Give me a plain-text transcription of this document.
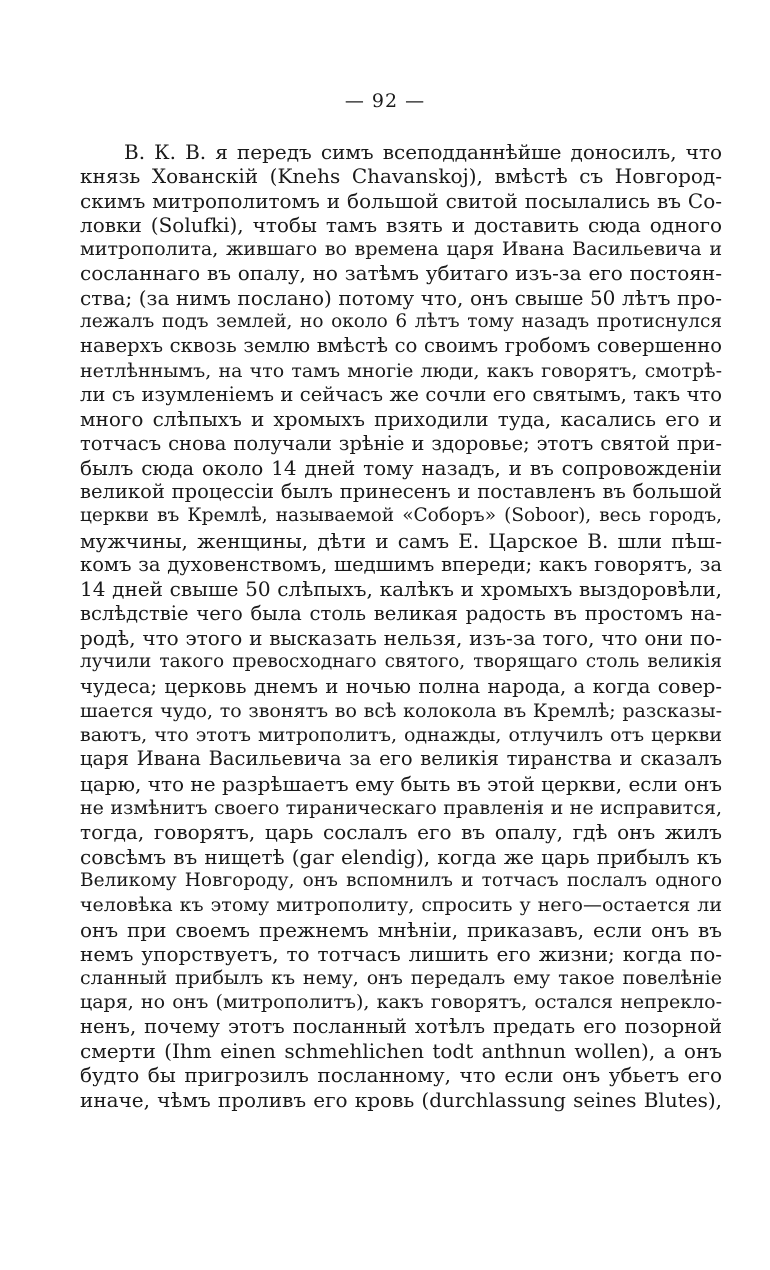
— 92 —
В. К. В. я передъ симъ всеподданнѣйше доносилъ, что
князь Хованскій (Knehs Chavanskoj), вмѣстѣ съ Новгород-
скимъ митрополитомъ и большой свитой посылались въ Со-
ловки (Solufki), чтобы тамъ взять и доставить сюда одного
митрополита, жившаго во времена царя Ивана Васильевича и
сосланнаго въ опалу, но затѣмъ убитаго изъ-за его постоян-
ства; (за нимъ послано) потому что, онъ свыше 50 лѣтъ про-
лежалъ подъ землей, но около 6 лѣтъ тому назадъ протиснулся
наверхъ сквозь землю вмѣстѣ со своимъ гробомъ совершенно
нетлѣннымъ, на что тамъ многіе люди, какъ говорятъ, смотрѣ-
ли съ изумленіемъ и сейчасъ же сочли его святымъ, такъ что
много слѣпыхъ и хромыхъ приходили туда, касались его и
тотчасъ снова получали зрѣніе и здоровье; этотъ святой при-
былъ сюда около 14 дней тому назадъ, и въ сопровожденіи
великой процессіи былъ принесенъ и поставленъ въ большой
церкви въ Кремлѣ, называемой «Соборъ» (Soboor), весь городъ,
мужчины, женщины, дѣти и самъ Е. Царское В. шли пѣш-
комъ за духовенствомъ, шедшимъ впереди; какъ говорятъ, за
14 дней свыше 50 слѣпыхъ, калѣкъ и хромыхъ выздоровѣли,
вслѣдствіе чего была столь великая радость въ простомъ на-
родѣ, что этого и высказать нельзя, изъ-за того, что они по-
лучили такого превосходнаго святого, творящаго столь великія
чудеса; церковь днемъ и ночью полна народа, а когда совер-
шается чудо, то звонятъ во всѣ колокола въ Кремлѣ; разсказы-
ваютъ, что этотъ митрополитъ, однажды, отлучилъ отъ церкви
царя Ивана Васильевича за его великія тиранства и сказалъ
царю, что не разрѣшаетъ ему быть въ этой церкви, если онъ
не измѣнитъ своего тираническаго правленія и не исправится,
тогда, говорятъ, царь сослалъ его въ опалу, гдѣ онъ жилъ
совсѣмъ въ нищетѣ (gar elendig), когда же царь прибылъ къ
Великому Новгороду, онъ вспомнилъ и тотчасъ послалъ одного
человѣка къ этому митрополиту, спросить у него—остается ли
онъ при своемъ прежнемъ мнѣніи, приказавъ, если онъ въ
немъ упорствуетъ, то тотчасъ лишить его жизни; когда по-
сланный прибылъ къ нему, онъ передалъ ему такое повелѣніе
царя, но онъ (митрополитъ), какъ говорятъ, остался непрекло-
ненъ, почему этотъ посланный хотѣлъ предать его позорной
смерти (Ihm einen schmehlichen todt anthnun wollen), а онъ
будто бы пригрозилъ посланному, что если онъ убьетъ его
иначе, чѣмъ проливъ его кровь (durchlassung seines Blutes),
